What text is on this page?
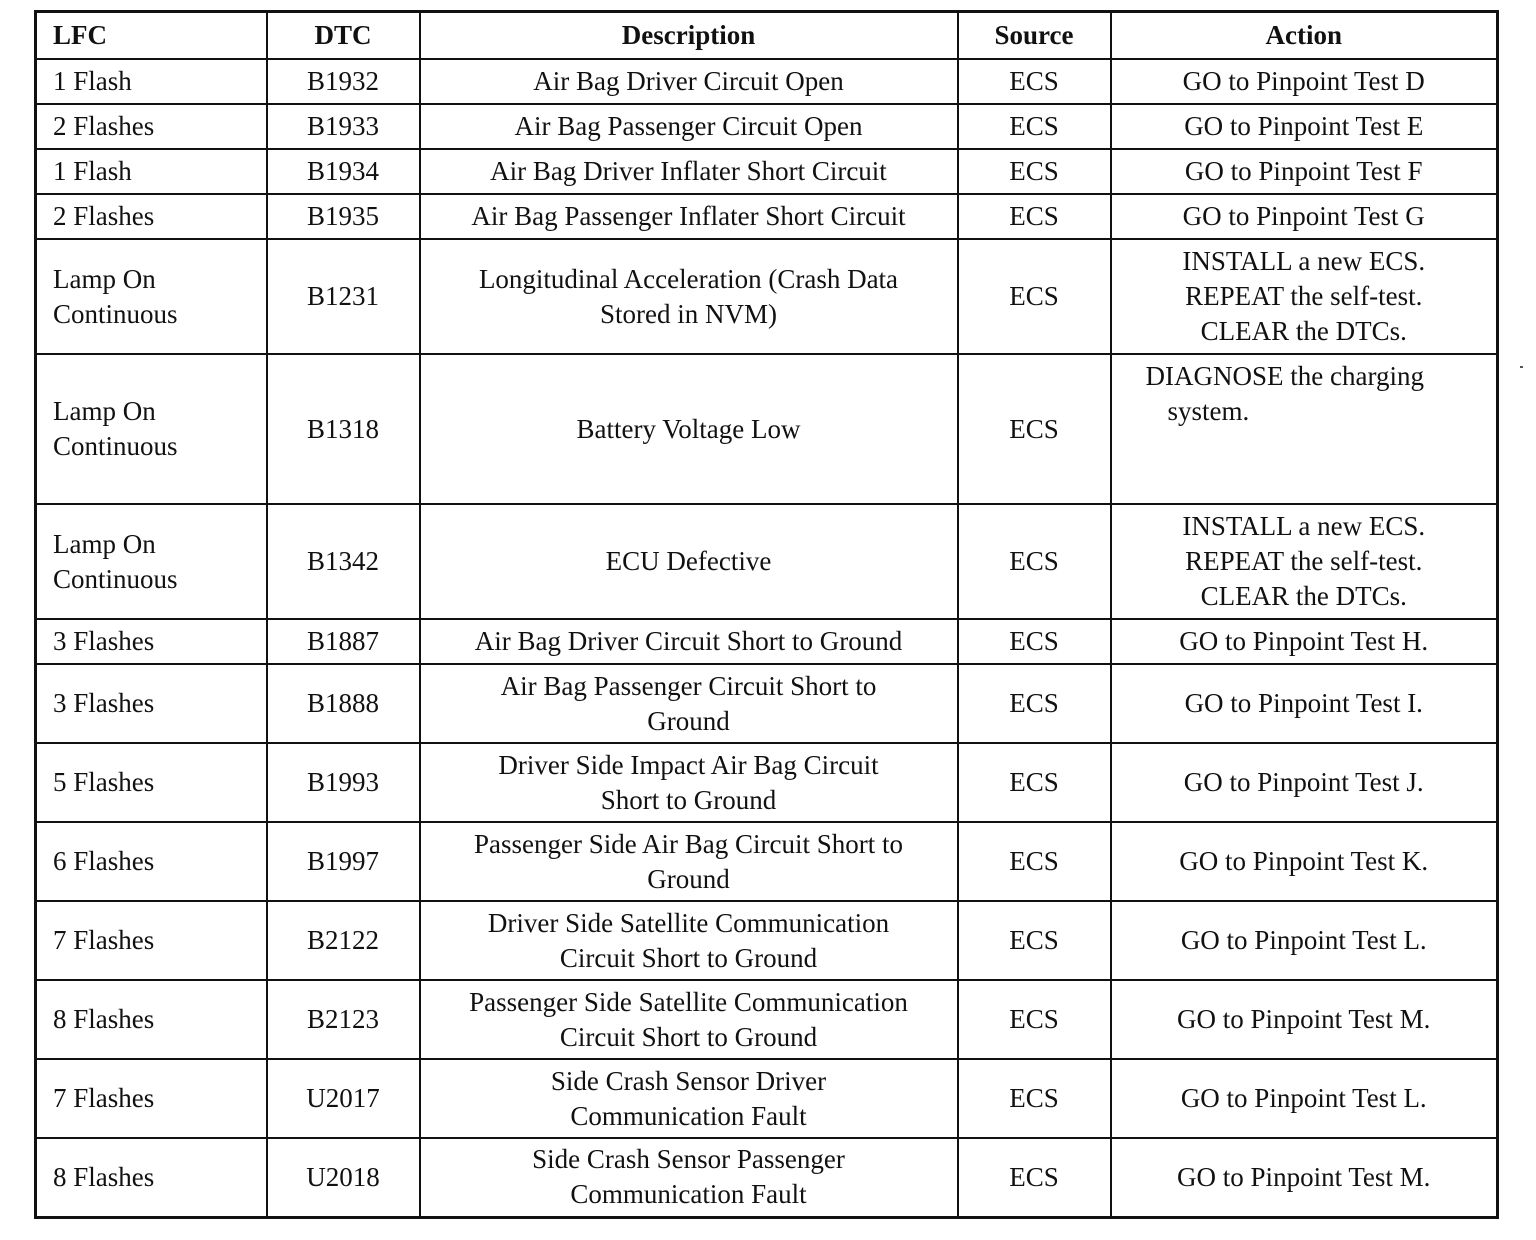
LFC	DTC	Description	Source	Action

1 Flash	B1932	Air Bag Driver Circuit Open	ECS	GO to Pinpoint Test D

2 Flashes	B1933	Air Bag Passenger Circuit Open	ECS	GO to Pinpoint Test E

1 Flash	B1934	Air Bag Driver Inflater Short Circuit	ECS	GO to Pinpoint Test F

2 Flashes	B1935	Air Bag Passenger Inflater Short Circuit	ECS	GO to Pinpoint Test G

Lamp On
Continuous	B1231	Longitudinal Acceleration (Crash Data
Stored in NVM)	ECS	INSTALL a new ECS.
REPEAT the self-test.
CLEAR the DTCs.

Lamp On
Continuous	B1318	Battery Voltage Low	ECS	DIAGNOSE the charging
system.

Lamp On
Continuous	B1342	ECU Defective	ECS	INSTALL a new ECS.
REPEAT the self-test.
CLEAR the DTCs.

3 Flashes	B1887	Air Bag Driver Circuit Short to Ground	ECS	GO to Pinpoint Test H.

3 Flashes	B1888	Air Bag Passenger Circuit Short to
Ground	ECS	GO to Pinpoint Test I.

5 Flashes	B1993	Driver Side Impact Air Bag Circuit
Short to Ground	ECS	GO to Pinpoint Test J.

6 Flashes	B1997	Passenger Side Air Bag Circuit Short to
Ground	ECS	GO to Pinpoint Test K.

7 Flashes	B2122	Driver Side Satellite Communication
Circuit Short to Ground	ECS	GO to Pinpoint Test L.

8 Flashes	B2123	Passenger Side Satellite Communication
Circuit Short to Ground	ECS	GO to Pinpoint Test M.

7 Flashes	U2017	Side Crash Sensor Driver
Communication Fault	ECS	GO to Pinpoint Test L.

8 Flashes	U2018	Side Crash Sensor Passenger
Communication Fault	ECS	GO to Pinpoint Test M.
